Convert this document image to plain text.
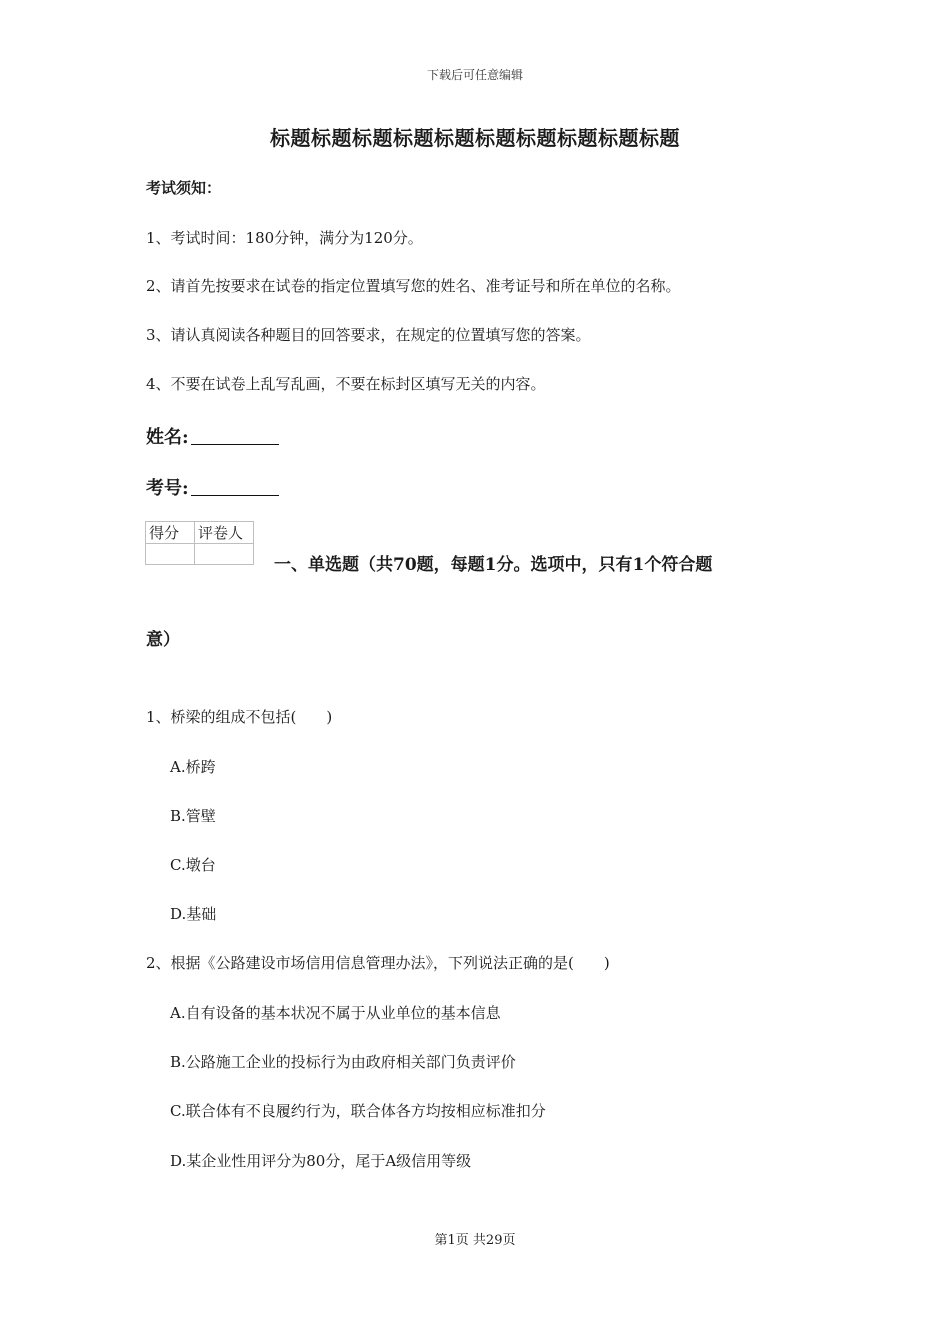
下载后可任意编辑
标题标题标题标题标题标题标题标题标题标题
考试须知：
1、考试时间：180分钟，满分为120分。
2、请首先按要求在试卷的指定位置填写您的姓名、准考证号和所在单位的名称。
3、请认真阅读各种题目的回答要求，在规定的位置填写您的答案。
4、不要在试卷上乱写乱画，不要在标封区填写无关的内容。
姓名:
考号:
得分	评卷人

一、单选题（共70题，每题1分。选项中，只有1个符合题
意）
1、桥梁的组成不包括(　　)
A.桥跨
B.管壁
C.墩台
D.基础
2、根据《公路建设市场信用信息管理办法》，下列说法正确的是(　　)
A.自有设备的基本状况不属于从业单位的基本信息
B.公路施工企业的投标行为由政府相关部门负责评价
C.联合体有不良履约行为，联合体各方均按相应标准扣分
D.某企业性用评分为80分，尾于A级信用等级
第1页 共29页
